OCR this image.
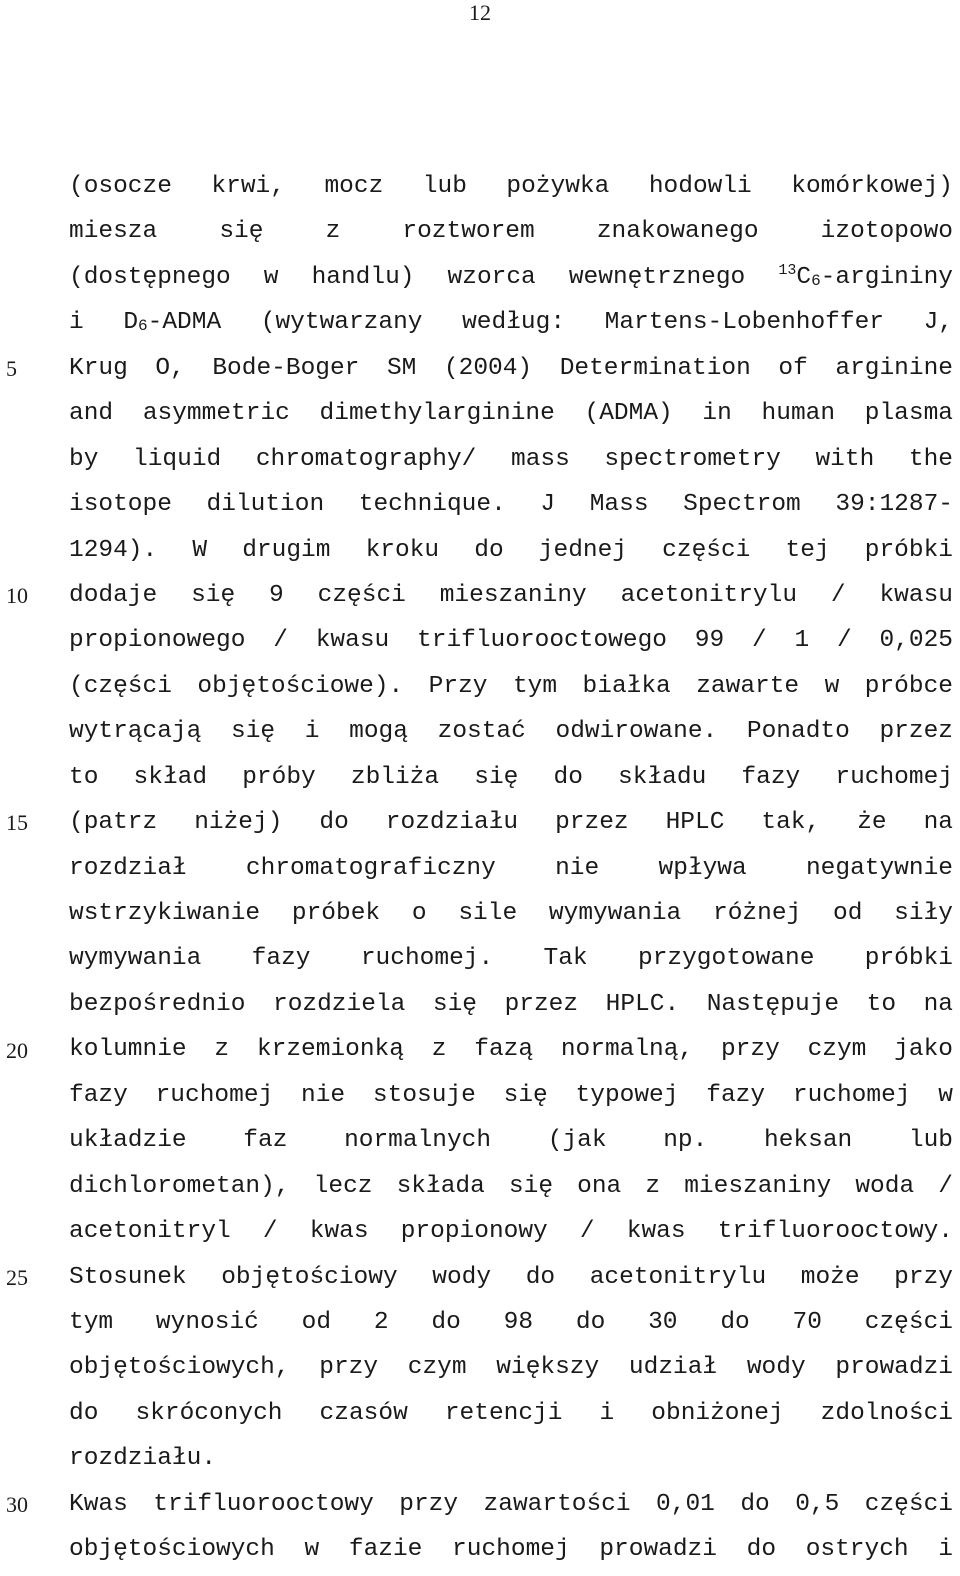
12
5
10
15
20
25
30
(osocze krwi, mocz lub pożywka hodowli komórkowej)
miesza się z roztworem znakowanego izotopowo
(dostępnego w handlu) wzorca wewnętrznego $^{13}$C6-argininy
i D6-ADMA (wytwarzany według: Martens-Lobenhoffer J,
Krug O, Bode-Boger SM (2004) Determination of arginine
and asymmetric dimethylarginine (ADMA) in human plasma
by liquid chromatography/ mass spectrometry with the
isotope dilution technique. J Mass Spectrom 39:1287-
1294). W drugim kroku do jednej części tej próbki
dodaje się 9 części mieszaniny acetonitrylu / kwasu
propionowego / kwasu trifluorooctowego 99 / 1 / 0,025
(części objętościowe). Przy tym białka zawarte w próbce
wytrącają się i mogą zostać odwirowane. Ponadto przez
to skład próby zbliża się do składu fazy ruchomej
(patrz niżej) do rozdziału przez HPLC tak, że na
rozdział chromatograficzny nie wpływa negatywnie
wstrzykiwanie próbek o sile wymywania różnej od siły
wymywania fazy ruchomej. Tak przygotowane próbki
bezpośrednio rozdziela się przez HPLC. Następuje to na
kolumnie z krzemionką z fazą normalną, przy czym jako
fazy ruchomej nie stosuje się typowej fazy ruchomej w
układzie faz normalnych (jak np. heksan lub
dichlorometan), lecz składa się ona z mieszaniny woda /
acetonitryl / kwas propionowy / kwas trifluorooctowy.
Stosunek objętościowy wody do acetonitrylu może przy
tym wynosić od 2 do 98 do 30 do 70 części
objętościowych, przy czym większy udział wody prowadzi
do skróconych czasów retencji i obniżonej zdolności
rozdziału.
Kwas trifluorooctowy przy zawartości 0,01 do 0,5 części
objętościowych w fazie ruchomej prowadzi do ostrych i
